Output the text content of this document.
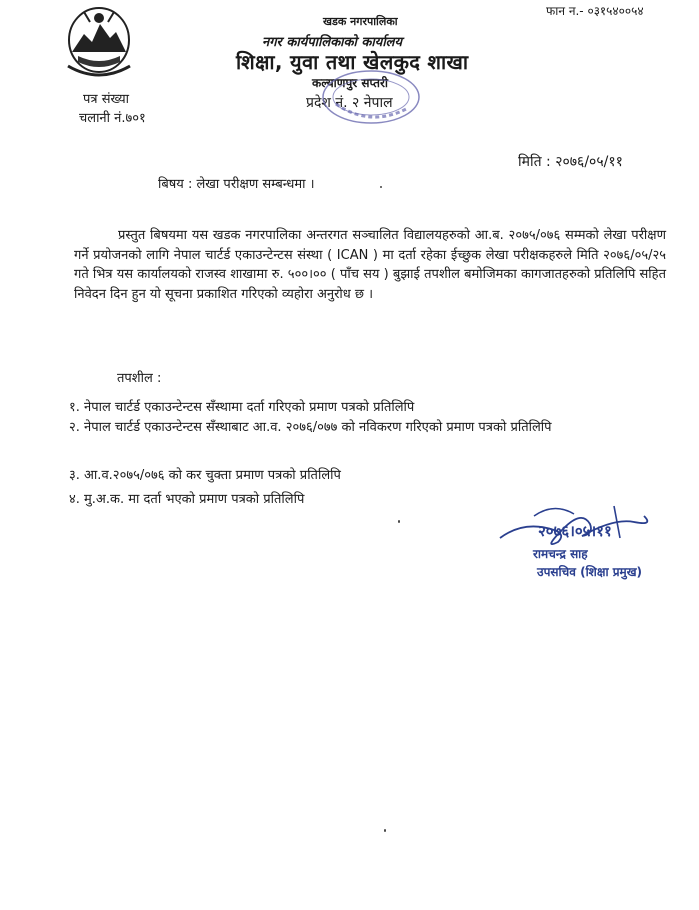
फान न.- ०३१५४००५४
खडक नगरपालिका
नगर कार्यपालिकाको कार्यालय
शिक्षा, युवा तथा खेलकुद शाखा
कल्याणपुर सप्तरी
प्रदेश नं. २ नेपाल
पत्र संख्या
चलानी नं.७०१
मिति : २०७६/०५/११
बिषय : लेखा परीक्षण सम्बन्धमा ।
प्रस्तुत बिषयमा यस खडक नगरपालिका अन्तरगत सञ्चालित विद्यालयहरुको आ.ब. २०७५/०७६ सम्मको लेखा परीक्षण गर्ने प्रयोजनको लागि नेपाल चार्टर्ड एकाउन्टेन्टस संस्था ( ICAN ) मा दर्ता रहेका ईच्छुक लेखा परीक्षकहरुले मिति २०७६/०५/२५ गते भित्र यस कार्यालयको राजस्व शाखामा रु. ५००।०० ( पाँच सय ) बुझाई तपशील बमोजिमका कागजातहरुको प्रतिलिपि सहित निवेदन दिन हुन यो सूचना प्रकाशित गरिएको व्यहोरा अनुरोध छ ।
तपशील :
१. नेपाल चार्टर्ड एकाउन्टेन्टस सँस्थामा दर्ता गरिएको प्रमाण पत्रको प्रतिलिपि
२. नेपाल चार्टर्ड एकाउन्टेन्टस सँस्थाबाट आ.व. २०७६/०७७ को नविकरण गरिएको प्रमाण पत्रको प्रतिलिपि
३. आ.व.२०७५/०७६ को कर चुक्ता प्रमाण पत्रको प्रतिलिपि
४. मु.अ.क. मा दर्ता भएको प्रमाण पत्रको प्रतिलिपि
२०७६।०५।११
रामचन्द्र साह
उपसचिव (शिक्षा प्रमुख)
